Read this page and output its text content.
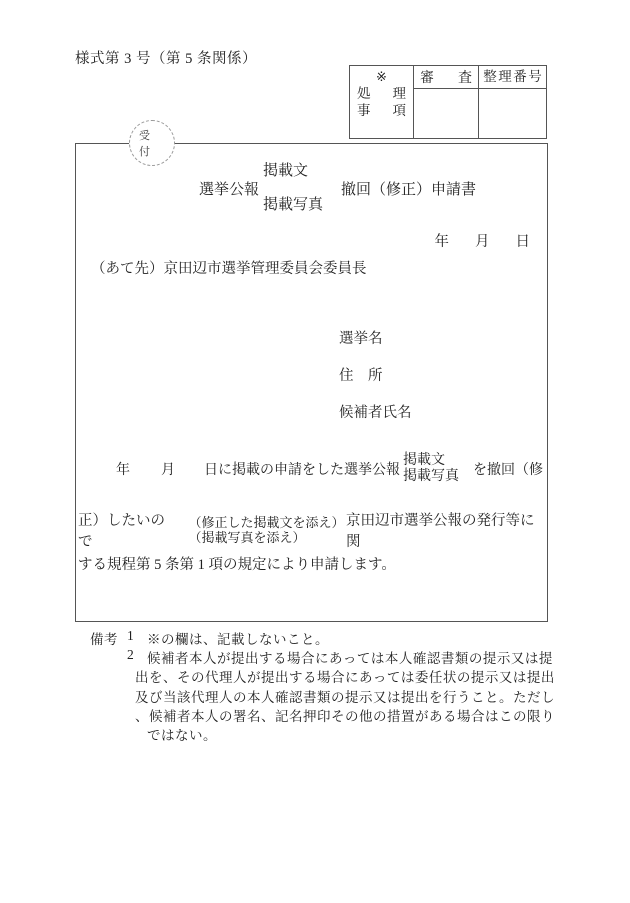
様式第 3 号（第 5 条関係）
※
処 理
事 項
審 査 整理番号
受付
選挙公報
掲載文
掲載写真
撤回（修正）申請書
年 月 日
（あて先）京田辺市選挙管理委員会委員長
選挙名
住　所
候補者氏名
年 月 日に掲載の申請をした選挙公報
掲載文
掲載写真 を撤回（修
正）したいので
（修正した掲載文を添え）
（掲載写真を添え）
京田辺市選挙公報の発行等に関
する規程第 5 条第 1 項の規定により申請します。
備考 1 ※の欄は、記載しないこと。
2 候補者本人が提出する場合にあっては本人確認書類の提示又は提
出を、その代理人が提出する場合にあっては委任状の提示又は提出
及び当該代理人の本人確認書類の提示又は提出を行うこと。ただし
、候補者本人の署名、記名押印その他の措置がある場合はこの限り
ではない。
